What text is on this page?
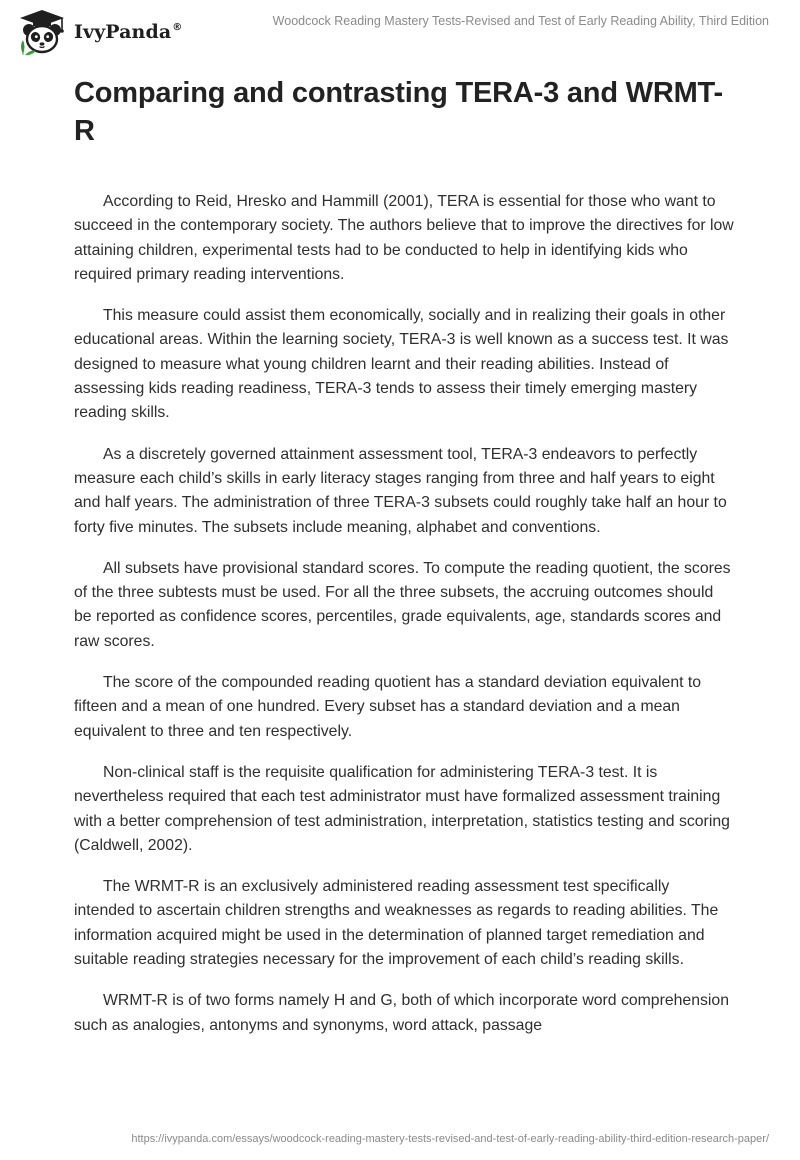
IvyPanda®	Woodcock Reading Mastery Tests-Revised and Test of Early Reading Ability, Third Edition
Comparing and contrasting TERA-3 and WRMT-R

According to Reid, Hresko and Hammill (2001), TERA is essential for those who want to succeed in the contemporary society. The authors believe that to improve the directives for low attaining children, experimental tests had to be conducted to help in identifying kids who required primary reading interventions.

This measure could assist them economically, socially and in realizing their goals in other educational areas. Within the learning society, TERA-3 is well known as a success test. It was designed to measure what young children learnt and their reading abilities. Instead of assessing kids reading readiness, TERA-3 tends to assess their timely emerging mastery reading skills.

As a discretely governed attainment assessment tool, TERA-3 endeavors to perfectly measure each child’s skills in early literacy stages ranging from three and half years to eight and half years. The administration of three TERA-3 subsets could roughly take half an hour to forty five minutes. The subsets include meaning, alphabet and conventions.

All subsets have provisional standard scores. To compute the reading quotient, the scores of the three subtests must be used. For all the three subsets, the accruing outcomes should be reported as confidence scores, percentiles, grade equivalents, age, standards scores and raw scores.

The score of the compounded reading quotient has a standard deviation equivalent to fifteen and a mean of one hundred. Every subset has a standard deviation and a mean equivalent to three and ten respectively.

Non-clinical staff is the requisite qualification for administering TERA-3 test. It is nevertheless required that each test administrator must have formalized assessment training with a better comprehension of test administration, interpretation, statistics testing and scoring (Caldwell, 2002).

The WRMT-R is an exclusively administered reading assessment test specifically intended to ascertain children strengths and weaknesses as regards to reading abilities. The information acquired might be used in the determination of planned target remediation and suitable reading strategies necessary for the improvement of each child’s reading skills.

WRMT-R is of two forms namely H and G, both of which incorporate word comprehension such as analogies, antonyms and synonyms, word attack, passage

https://ivypanda.com/essays/woodcock-reading-mastery-tests-revised-and-test-of-early-reading-ability-third-edition-research-paper/
